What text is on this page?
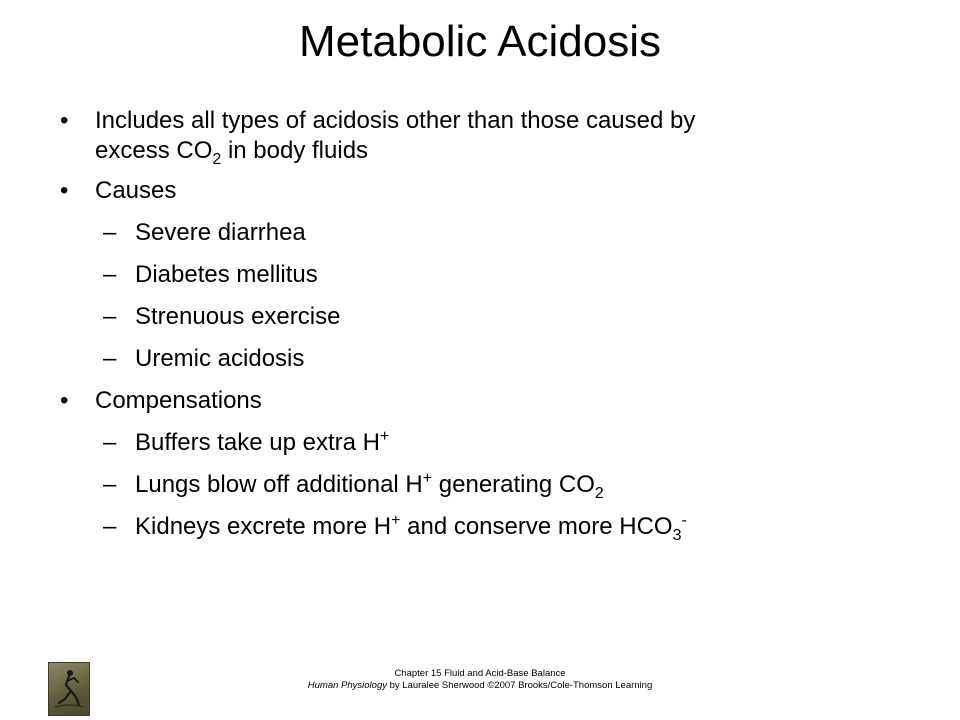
Metabolic Acidosis
• Includes all types of acidosis other than those caused by
excess $CO_2$ in body fluids
• Causes
– Severe diarrhea
– Diabetes mellitus
– Strenuous exercise
– Uremic acidosis
• Compensations
– Buffers take up extra H+
– Lungs blow off additional H+ generating $CO_2$
– Kidneys excrete more H+ and conserve more $HCO_3^-$
Chapter 15 Fluid and Acid-Base Balance
Human Physiology by Lauralee Sherwood ©2007 Brooks/Cole-Thomson Learning
